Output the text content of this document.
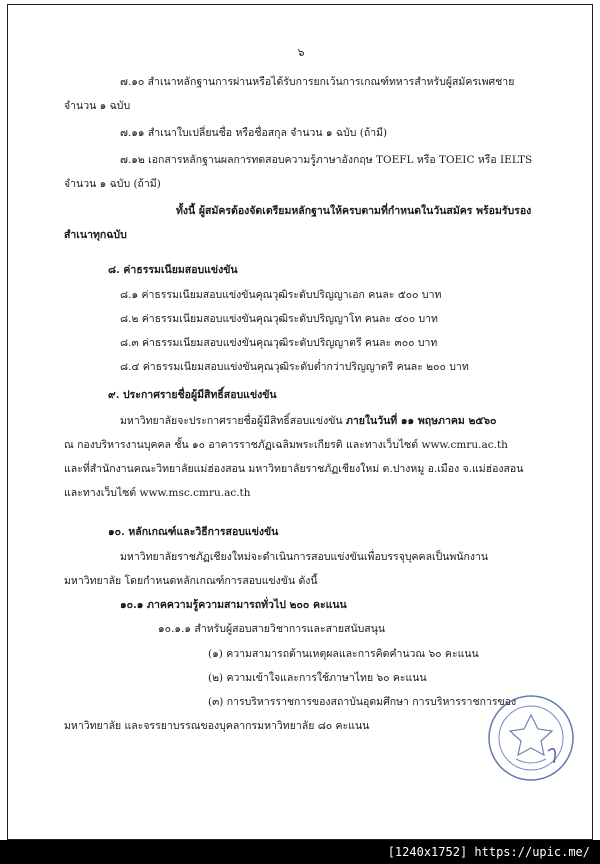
๖
๗.๑๐ สำเนาหลักฐานการผ่านหรือได้รับการยกเว้นการเกณฑ์ทหารสำหรับผู้สมัครเพศชาย
จำนวน ๑ ฉบับ
๗.๑๑ สำเนาใบเปลี่ยนชื่อ หรือชื่อสกุล จำนวน ๑ ฉบับ (ถ้ามี)
๗.๑๒ เอกสารหลักฐานผลการทดสอบความรู้ภาษาอังกฤษ TOEFL หรือ TOEIC หรือ IELTS
จำนวน ๑ ฉบับ (ถ้ามี)
ทั้งนี้ ผู้สมัครต้องจัดเตรียมหลักฐานให้ครบตามที่กำหนดในวันสมัคร พร้อมรับรอง
สำเนาทุกฉบับ
๘. ค่าธรรมเนียมสอบแข่งขัน
๘.๑ ค่าธรรมเนียมสอบแข่งขันคุณวุฒิระดับปริญญาเอก คนละ ๕๐๐ บาท
๘.๒ ค่าธรรมเนียมสอบแข่งขันคุณวุฒิระดับปริญญาโท คนละ ๔๐๐ บาท
๘.๓ ค่าธรรมเนียมสอบแข่งขันคุณวุฒิระดับปริญญาตรี คนละ ๓๐๐ บาท
๘.๔ ค่าธรรมเนียมสอบแข่งขันคุณวุฒิระดับต่ำกว่าปริญญาตรี คนละ ๒๐๐ บาท
๙. ประกาศรายชื่อผู้มีสิทธิ์สอบแข่งขัน
มหาวิทยาลัยจะประกาศรายชื่อผู้มีสิทธิ์สอบแข่งขัน ภายในวันที่ ๑๑ พฤษภาคม ๒๕๖๐
ณ กองบริหารงานบุคคล ชั้น ๑๐ อาคารราชภัฏเฉลิมพระเกียรติ และทางเว็บไซต์ www.cmru.ac.th
และที่สำนักงานคณะวิทยาลัยแม่ฮ่องสอน มหาวิทยาลัยราชภัฏเชียงใหม่ ต.ปางหมู อ.เมือง จ.แม่ฮ่องสอน
และทางเว็บไซต์ www.msc.cmru.ac.th
๑๐. หลักเกณฑ์และวิธีการสอบแข่งขัน
มหาวิทยาลัยราชภัฏเชียงใหม่จะดำเนินการสอบแข่งขันเพื่อบรรจุบุคคลเป็นพนักงาน
มหาวิทยาลัย โดยกำหนดหลักเกณฑ์การสอบแข่งขัน ดังนี้
๑๐.๑ ภาคความรู้ความสามารถทั่วไป ๒๐๐ คะแนน
๑๐.๑.๑ สำหรับผู้สอบสายวิชาการและสายสนับสนุน
(๑) ความสามารถด้านเหตุผลและการคิดคำนวณ ๖๐ คะแนน
(๒) ความเข้าใจและการใช้ภาษาไทย ๖๐ คะแนน
(๓) การบริหารราชการของสถาบันอุดมศึกษา การบริหารราชการของ
มหาวิทยาลัย และจรรยาบรรณของบุคลากรมหาวิทยาลัย ๘๐ คะแนน
[1240x1752] https://upic.me/
